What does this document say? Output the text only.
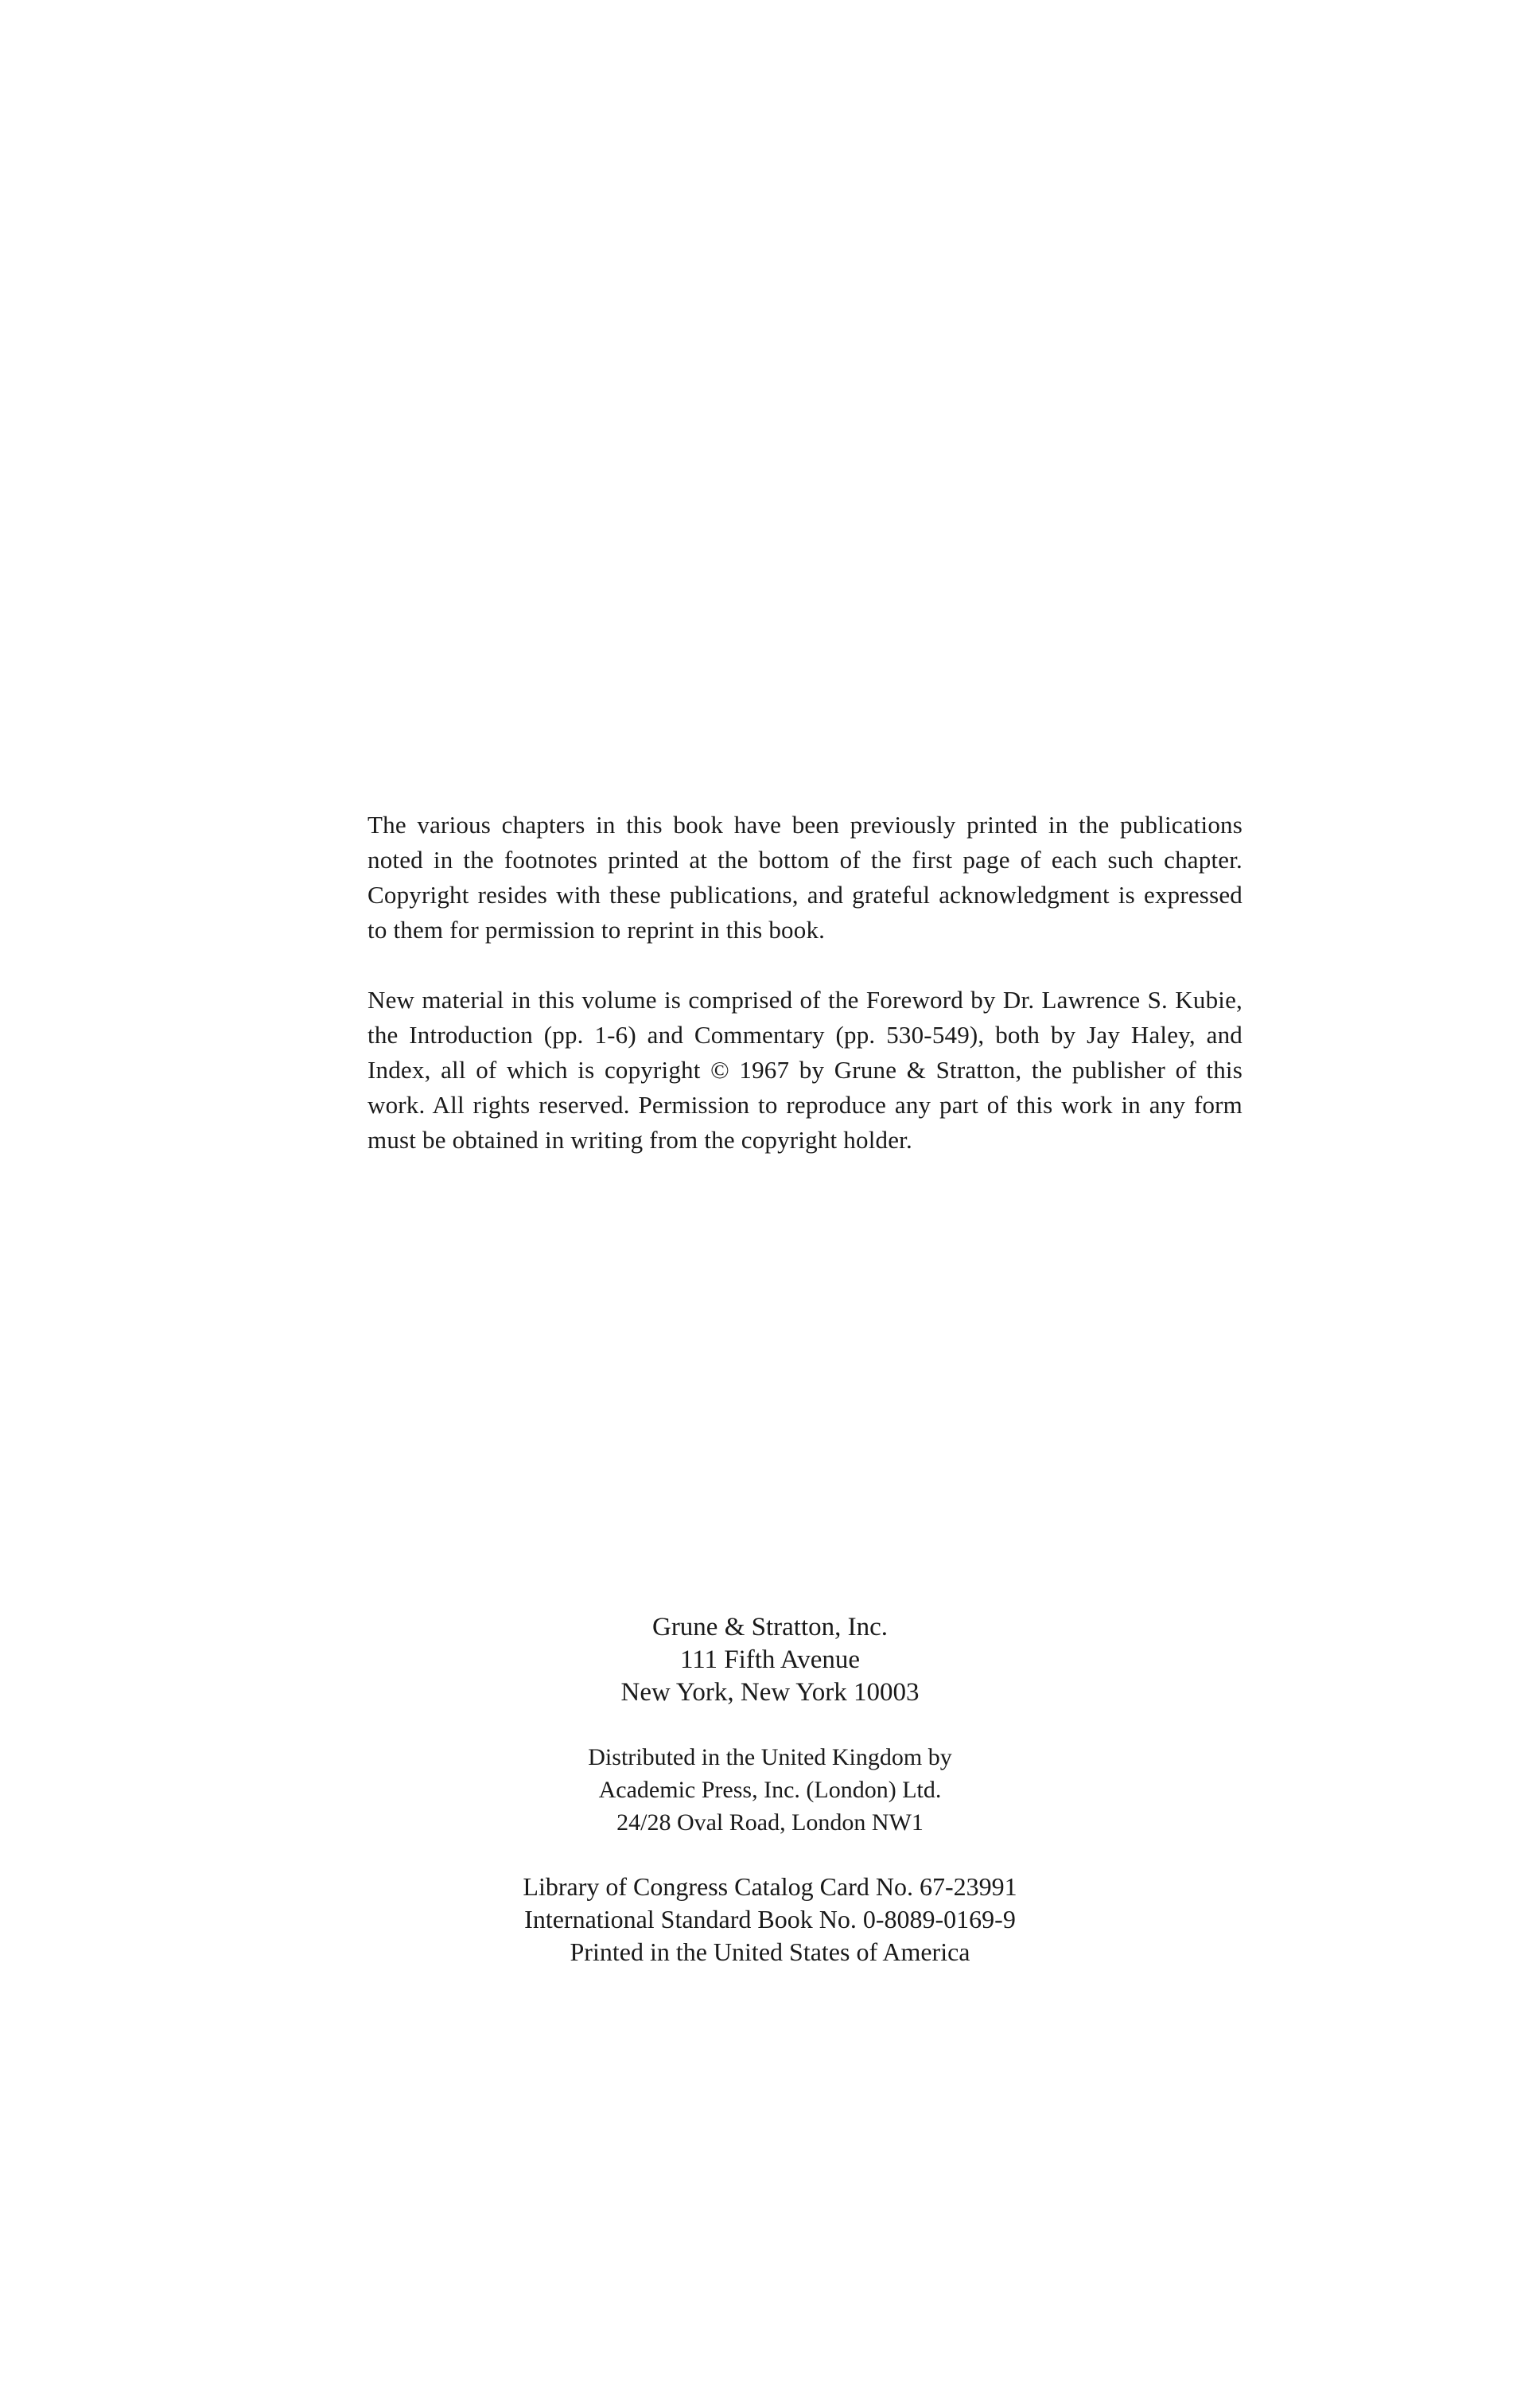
The various chapters in this book have been previously printed in the publications noted in the footnotes printed at the bottom of the first page of each such chapter. Copyright resides with these publications, and grateful acknowledgment is expressed to them for permission to reprint in this book.

New material in this volume is comprised of the Foreword by Dr. Lawrence S. Kubie, the Introduction (pp. 1-6) and Commentary (pp. 530-549), both by Jay Haley, and Index, all of which is copyright © 1967 by Grune & Stratton, the publisher of this work. All rights reserved. Permission to reproduce any part of this work in any form must be obtained in writing from the copyright holder.

Grune & Stratton, Inc.
111 Fifth Avenue
New York, New York 10003
Distributed in the United Kingdom by
Academic Press, Inc. (London) Ltd.
24/28 Oval Road, London NW1
Library of Congress Catalog Card No. 67-23991
International Standard Book No. 0-8089-0169-9
Printed in the United States of America
